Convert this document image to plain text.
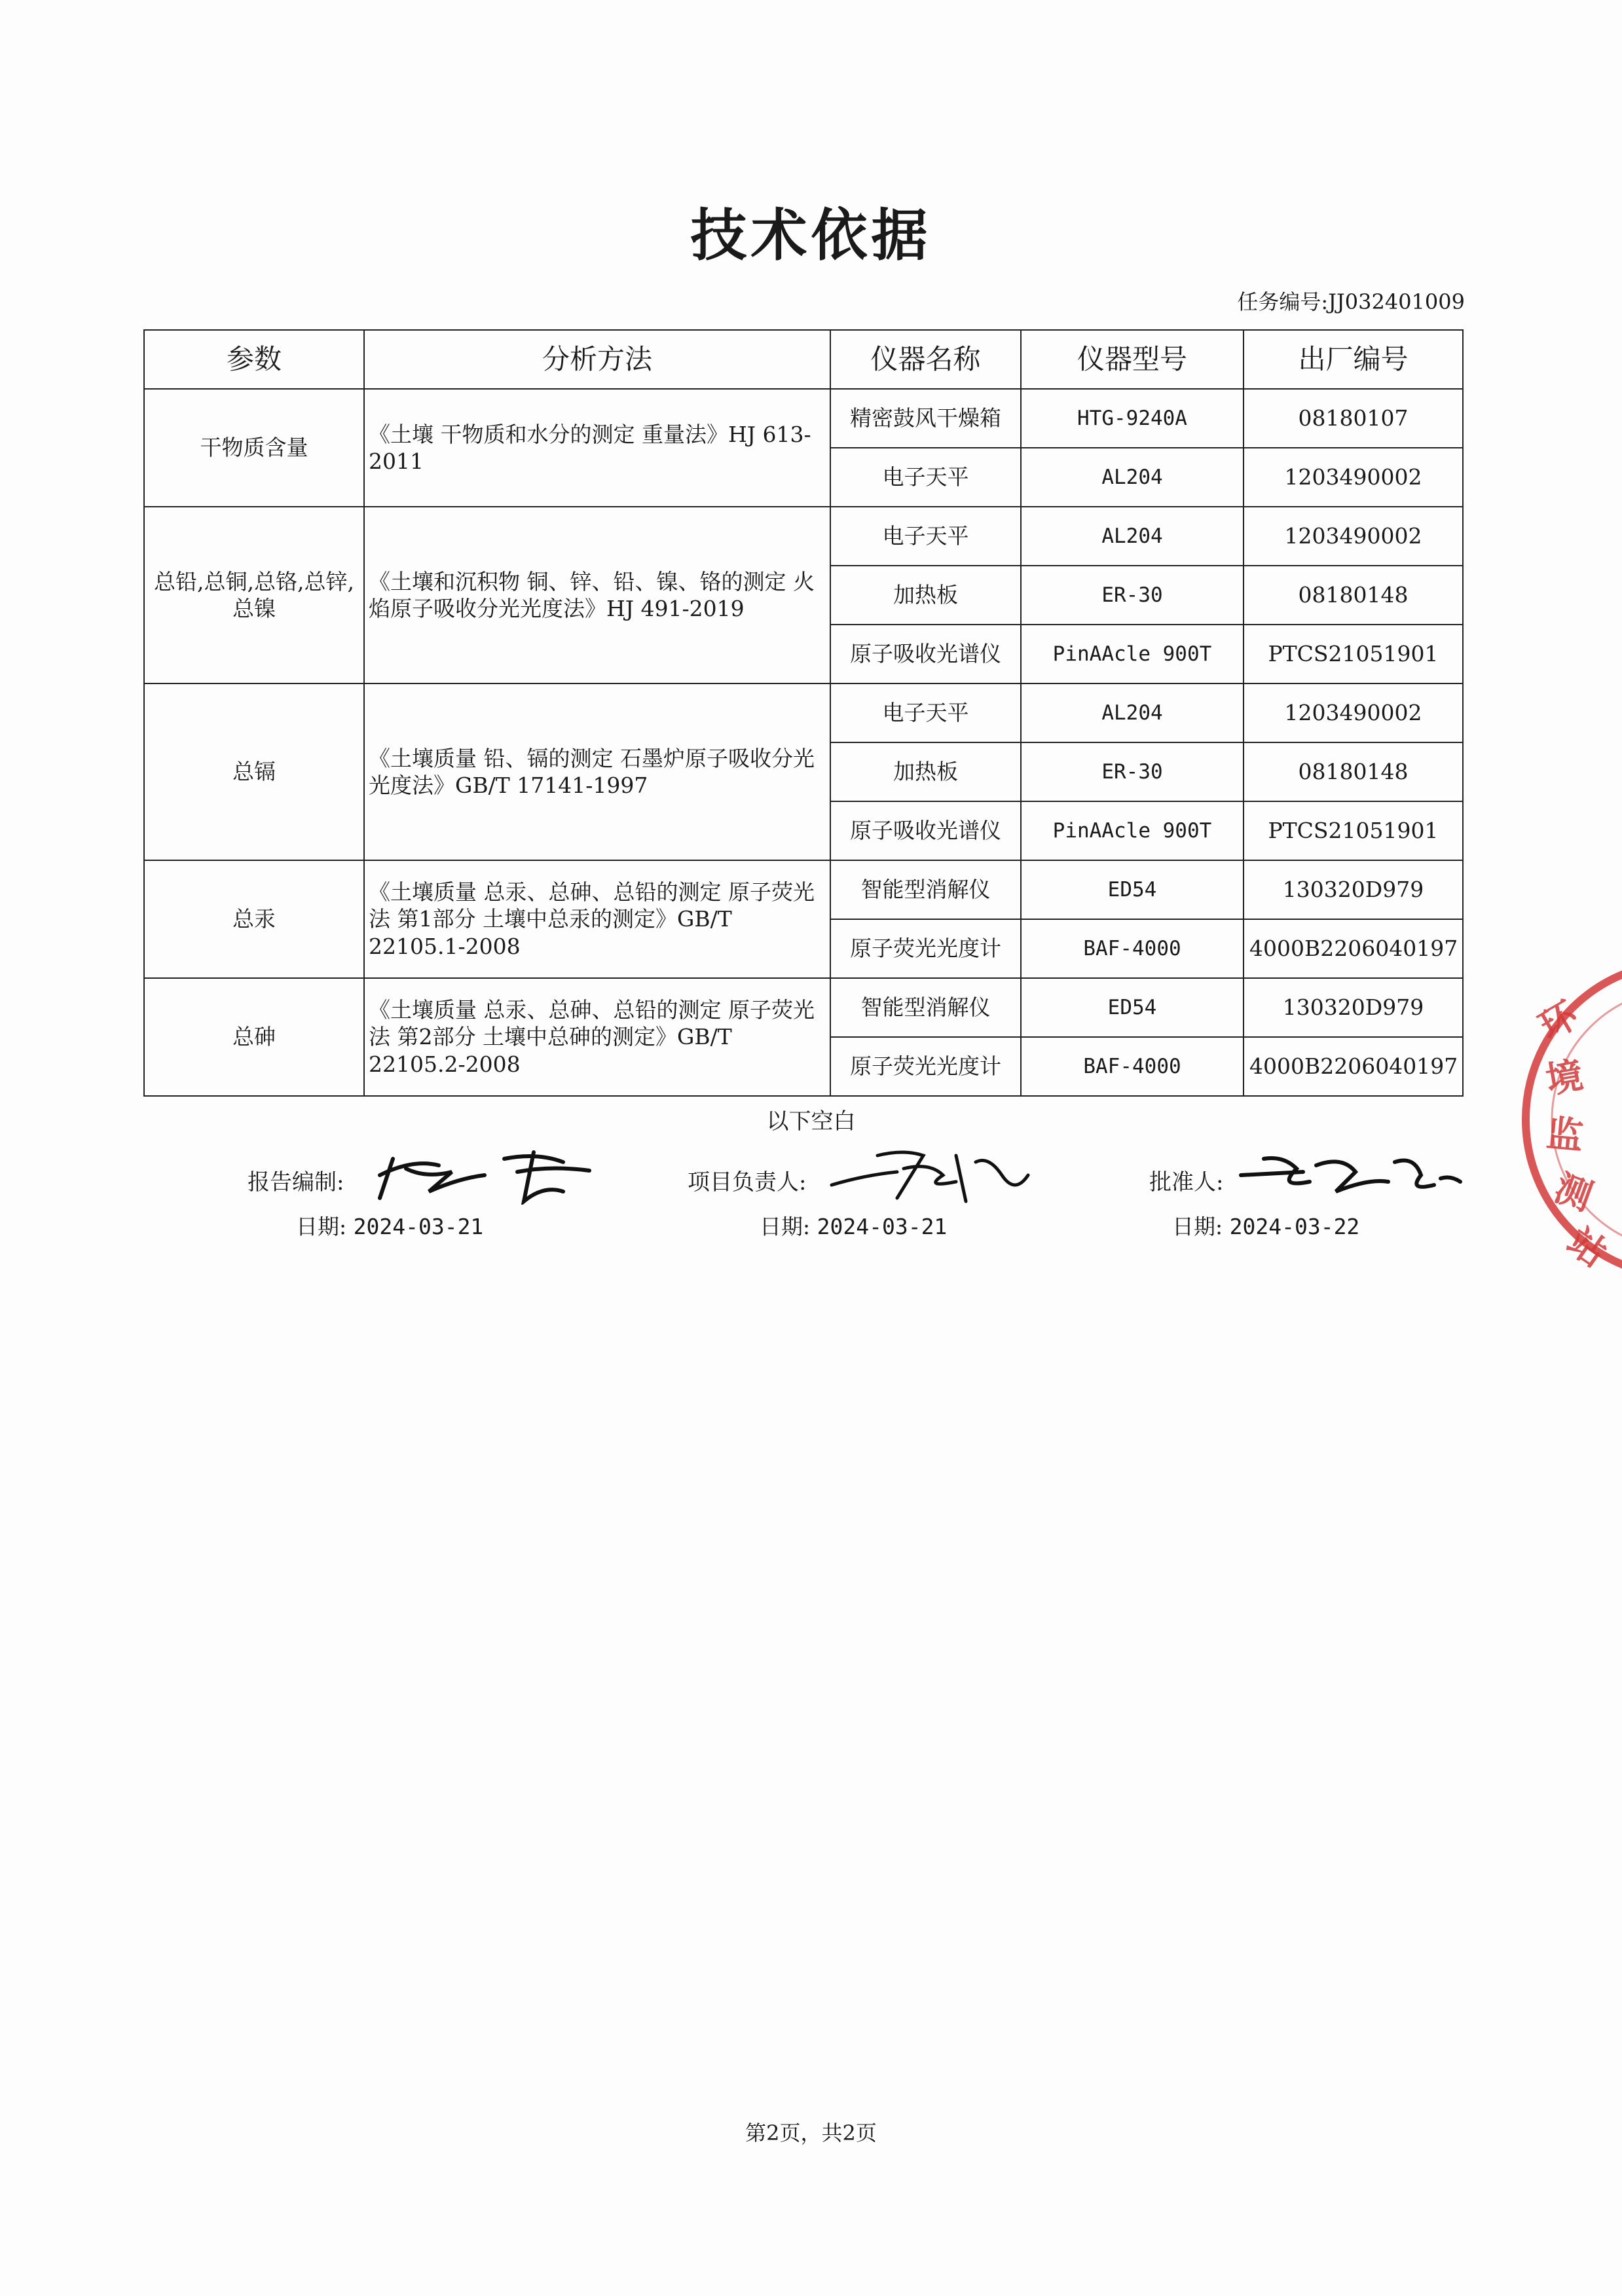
技术依据
任务编号:JJ032401009
参数	分析方法	仪器名称	仪器型号	出厂编号
干物质含量	《土壤 干物质和水分的测定 重量法》HJ 613-2011	精密鼓风干燥箱	HTG-9240A	08180107
		电子天平	AL204	1203490002
总铅,总铜,总铬,总锌,总镍	《土壤和沉积物 铜、锌、铅、镍、铬的测定 火焰原子吸收分光光度法》HJ 491-2019	电子天平	AL204	1203490002
		加热板	ER-30	08180148
		原子吸收光谱仪	PinAAcle 900T	PTCS21051901
总镉	《土壤质量 铅、镉的测定 石墨炉原子吸收分光光度法》GB/T 17141-1997	电子天平	AL204	1203490002
		加热板	ER-30	08180148
		原子吸收光谱仪	PinAAcle 900T	PTCS21051901
总汞	《土壤质量 总汞、总砷、总铅的测定 原子荧光法 第1部分 土壤中总汞的测定》GB/T 22105.1-2008	智能型消解仪	ED54	130320D979
		原子荧光光度计	BAF-4000	4000B2206040197
总砷	《土壤质量 总汞、总砷、总铅的测定 原子荧光法 第2部分 土壤中总砷的测定》GB/T 22105.2-2008	智能型消解仪	ED54	130320D979
		原子荧光光度计	BAF-4000	4000B2206040197
以下空白
报告编制:	项目负责人:	批准人:
日期: 2024-03-21	日期: 2024-03-21	日期: 2024-03-22
环
境
监
测
站
第2页，共2页
